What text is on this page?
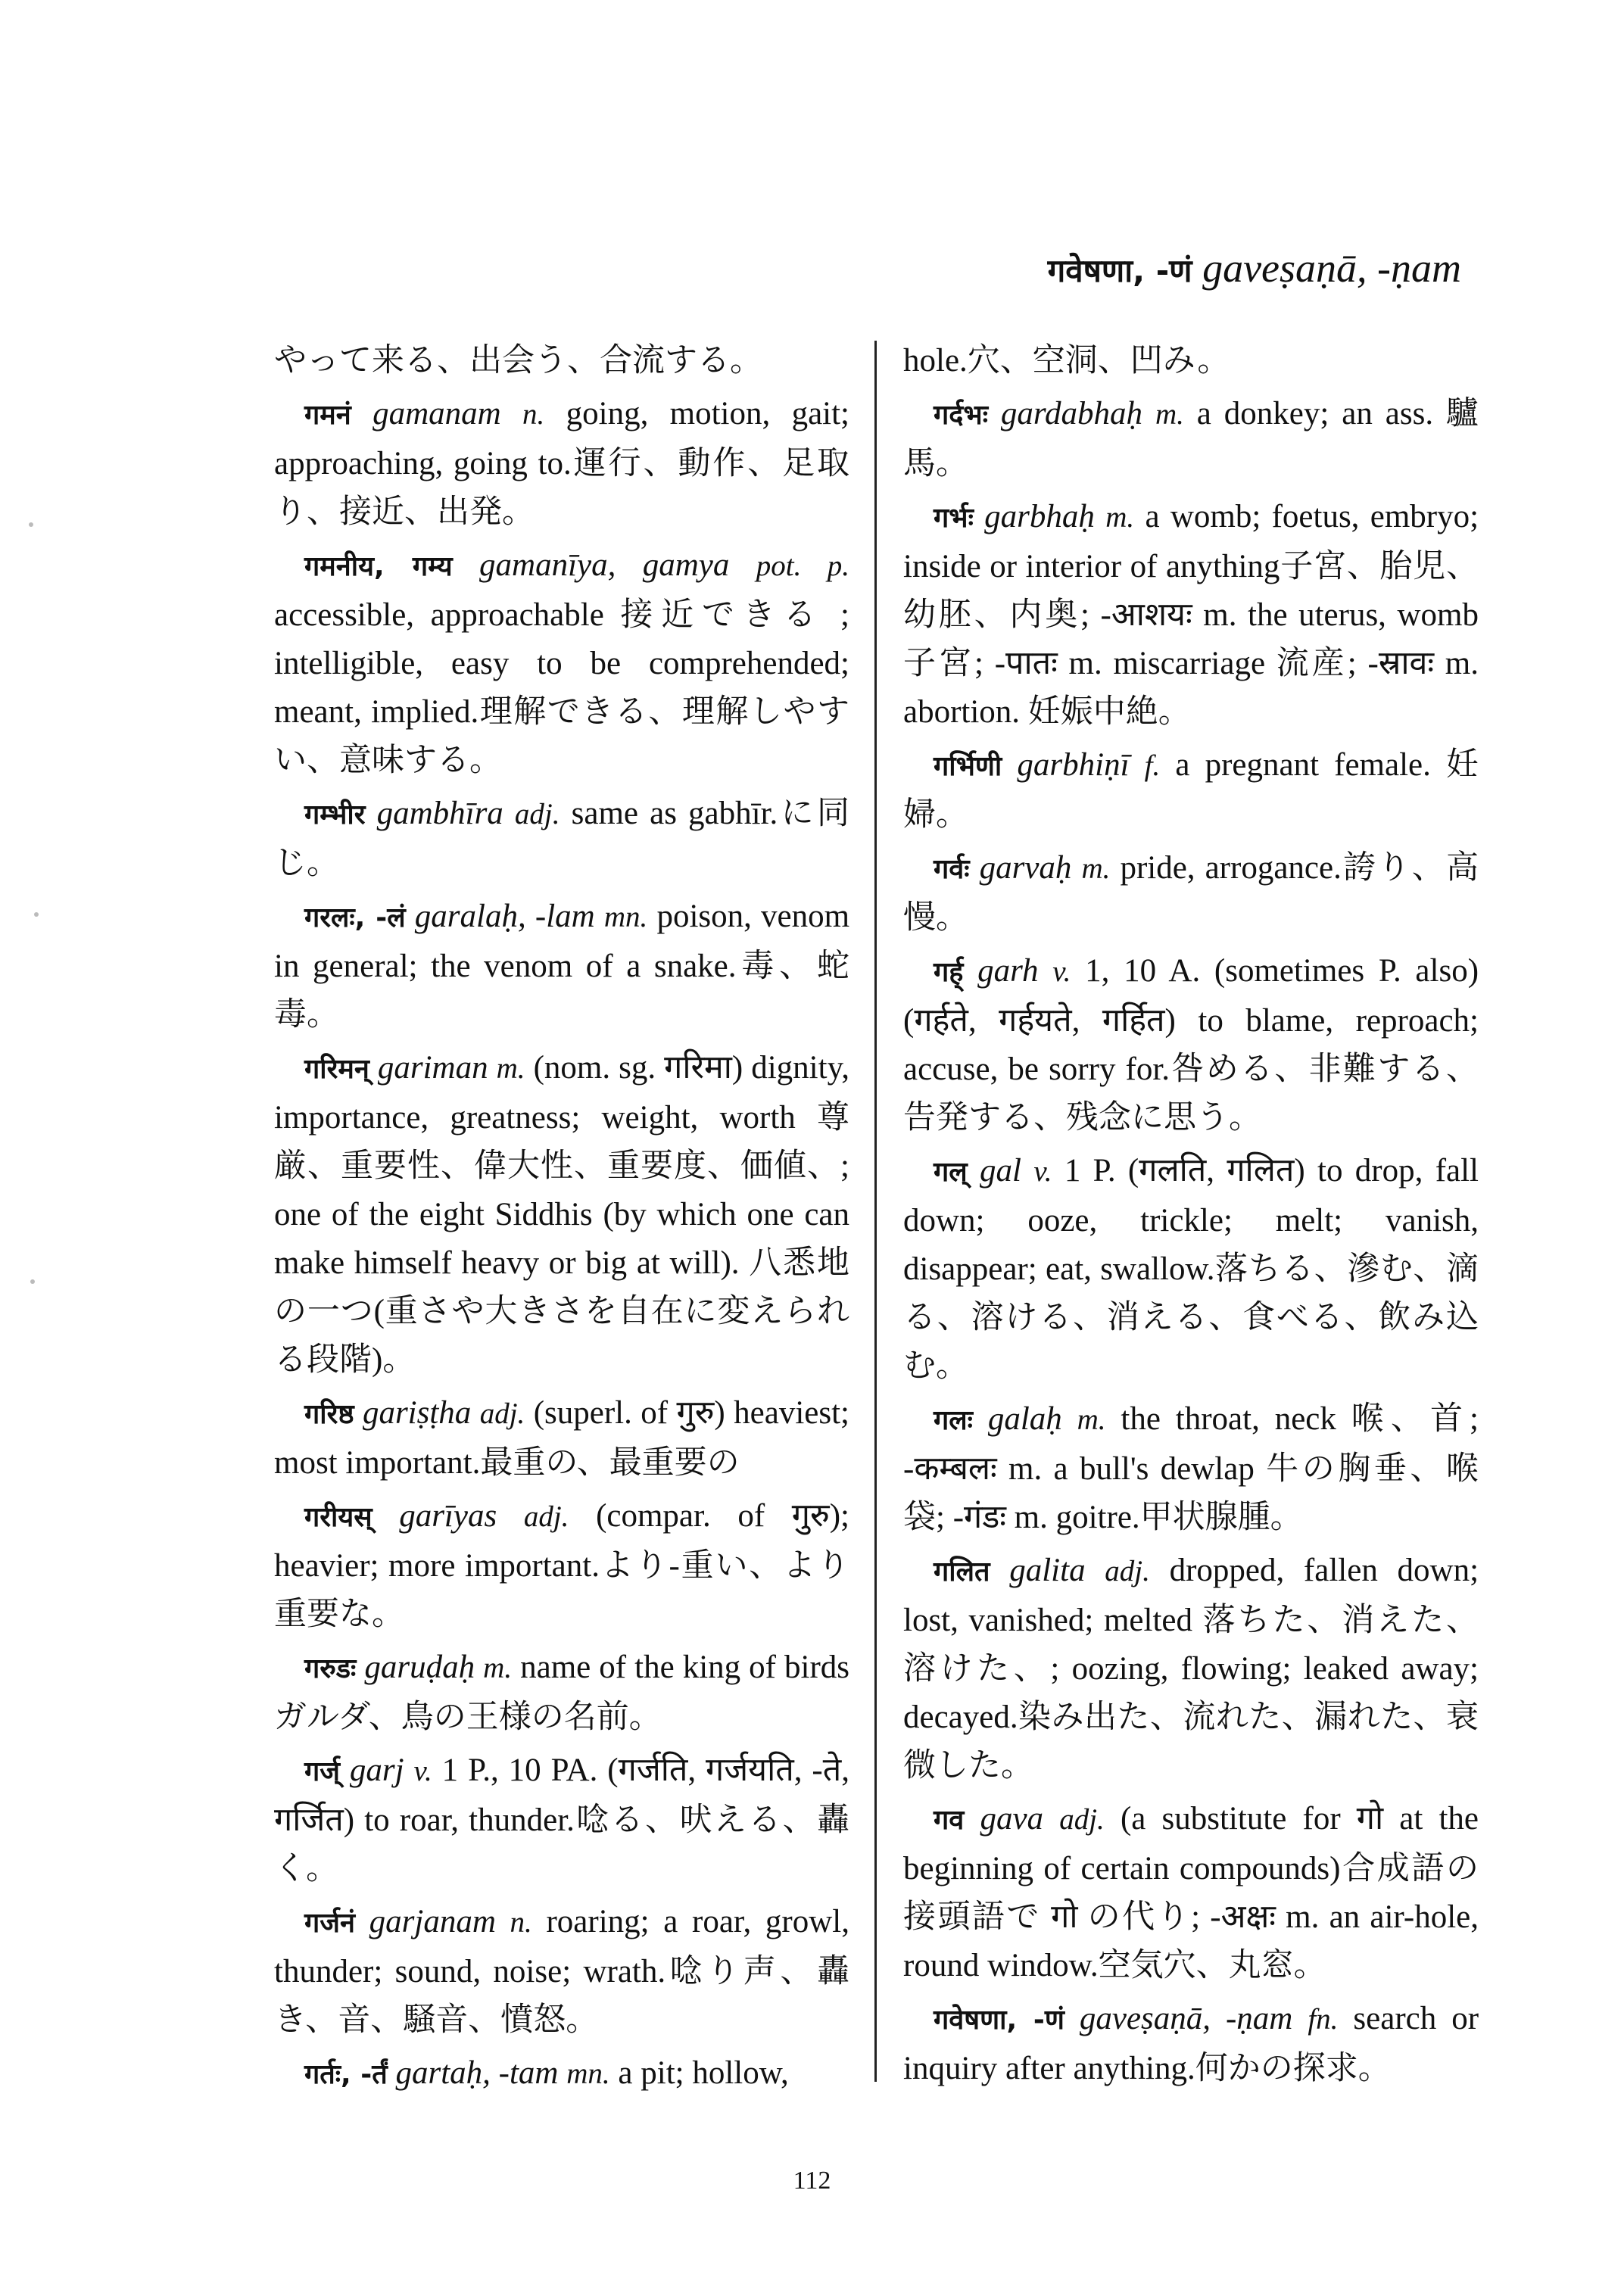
गवेषणा, -णं gaveṣaṇā, -ṇam

やって来る、出会う、合流する。

गमनं gamanam n. going, motion, gait; approaching, going to.運行、動作、足取り、接近、出発。

गमनीय, गम्य gamanīya, gamya pot. p. accessible, approachable 接近できる ; intelligible, easy to be comprehended; meant, implied.理解できる、理解しやすい、意味する。

गम्भीर gambhīra adj. same as gabhīr.に同じ。

गरलः, -लं garalaḥ, -lam mn. poison, venom in general; the venom of a snake.毒、蛇毒。

गरिमन् gariman m. (nom. sg. गरिमा) dignity, importance, greatness; weight, worth 尊厳、重要性、偉大性、重要度、価値、; one of the eight Siddhis (by which one can make himself heavy or big at will). 八悉地の一つ(重さや大きさを自在に変えられる段階)。

गरिष्ठ gariṣṭha adj. (superl. of गुरु) heaviest; most important.最重の、最重要の

गरीयस् garīyas adj. (compar. of गुरु); heavier; more important.より-重い、より重要な。

गरुडः garuḍaḥ m. name of the king of birds ガルダ、鳥の王様の名前。

गर्ज् garj v. 1 P., 10 PA. (गर्जति, गर्जयति, -ते, गर्जित) to roar, thunder.唸る、吠える、轟く。

गर्जनं garjanam n. roaring; a roar, growl, thunder; sound, noise; wrath.唸り声、轟き、音、騒音、憤怒。

गर्तः, -र्तं gartaḥ, -tam mn. a pit; hollow,

hole.穴、空洞、凹み。

गर्दभः gardabhaḥ m. a donkey; an ass. 驢馬。

गर्भः garbhaḥ m. a womb; foetus, embryo; inside or interior of anything子宮、胎児、幼胚、内奥; -आशयः m. the uterus, womb 子宮; -पातः m. miscarriage 流産; -स्रावः m. abortion. 妊娠中絶。

गर्भिणी garbhiṇī f. a pregnant female. 妊婦。

गर्वः garvaḥ m. pride, arrogance.誇り、高慢。

गर्ह् garh v. 1, 10 A. (sometimes P. also) (गर्हते, गर्हयते, गर्हित) to blame, reproach; accuse, be sorry for.咎める、非難する、告発する、残念に思う。

गल् gal v. 1 P. (गलति, गलित) to drop, fall down; ooze, trickle; melt; vanish, disappear; eat, swallow.落ちる、滲む、滴る、溶ける、消える、食べる、飲み込む。

गलः galaḥ m. the throat, neck 喉、首; -कम्बलः m. a bull's dewlap 牛の胸垂、喉袋; -गंडः m. goitre.甲状腺腫。

गलित galita adj. dropped, fallen down; lost, vanished; melted 落ちた、消えた、溶けた、; oozing, flowing; leaked away; decayed.染み出た、流れた、漏れた、衰微した。

गव gava adj. (a substitute for गो at the beginning of certain compounds)合成語の接頭語で गो の代り; -अक्षः m. an air-hole, round window.空気穴、丸窓。

गवेषणा, -णं gaveṣaṇā, -ṇam fn. search or inquiry after anything.何かの探求。

112
